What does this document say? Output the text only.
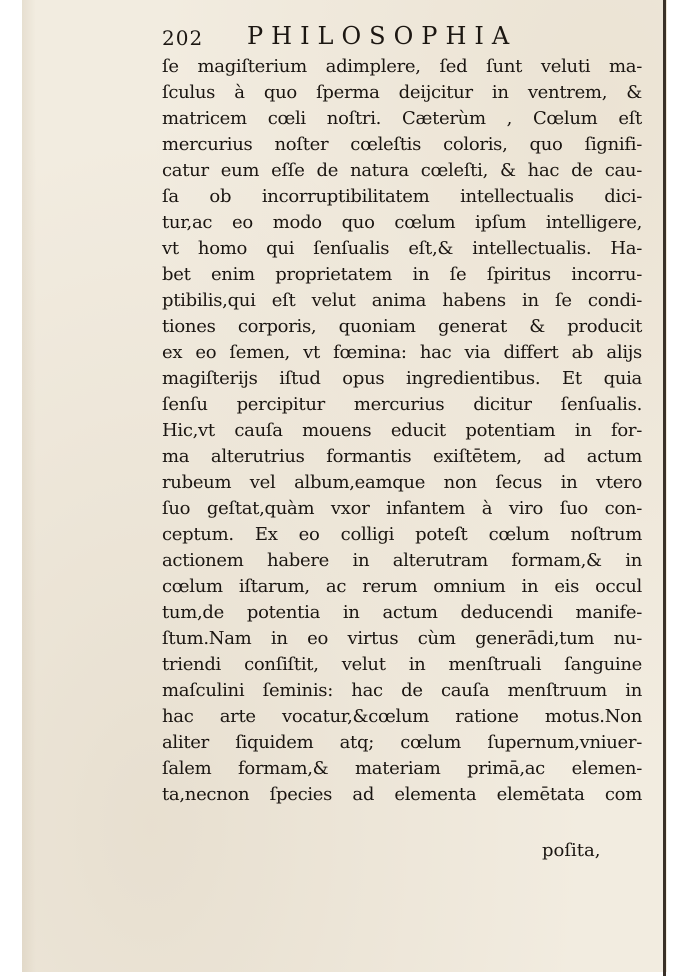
202 PHILOSOPHIA
ſe magiſterium adimplere, ſed ſunt veluti ma-
ſculus à quo ſperma deijcitur in ventrem, &
matricem cœli noſtri. Cæterùm , Cœlum eſt
mercurius noſter cœleſtis coloris, quo ſignifi-
catur eum eſſe de natura cœleſti, & hac de cau-
ſa ob incorruptibilitatem intellectualis dici-
tur,ac eo modo quo cœlum ipſum intelligere,
vt homo qui ſenſualis eſt,& intellectualis. Ha-
bet enim proprietatem in ſe ſpiritus incorru-
ptibilis,qui eſt velut anima habens in ſe condi-
tiones corporis, quoniam generat & producit
ex eo ſemen, vt fœmina: hac via differt ab alijs
magiſterijs iſtud opus ingredientibus. Et quia
ſenſu percipitur mercurius dicitur ſenſualis.
Hic,vt cauſa mouens educit potentiam in for-
ma alterutrius formantis exiſtētem, ad actum
rubeum vel album,eamque non ſecus in vtero
ſuo geſtat,quàm vxor infantem à viro ſuo con-
ceptum. Ex eo colligi poteſt cœlum noſtrum
actionem habere in alterutram formam,& in
cœlum iſtarum, ac rerum omnium in eis occul
tum,de potentia in actum deducendi manife-
ſtum.Nam in eo virtus cùm generādi,tum nu-
triendi conſiſtit, velut in menſtruali ſanguine
maſculini ſeminis: hac de cauſa menſtruum in
hac arte vocatur,&cœlum ratione motus.Non
aliter ſiquidem atq; cœlum ſupernum,vniuer-
ſalem formam,& materiam primā,ac elemen-
ta,necnon ſpecies ad elementa elemētata com
poſita,
